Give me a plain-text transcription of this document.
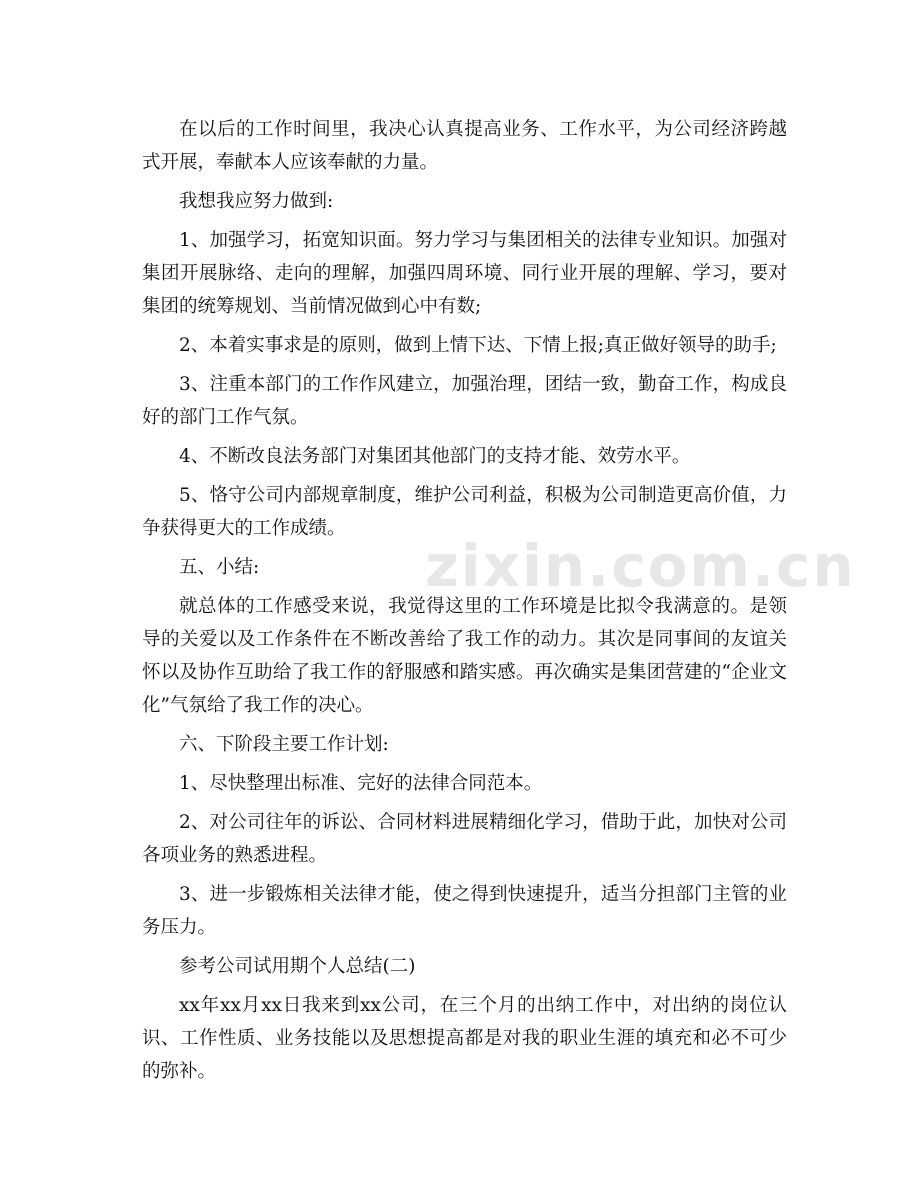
zixin.com.cn

在以后的工作时间里，我决心认真提高业务、工作水平，为公司经济跨越式开展，奉献本人应该奉献的力量。

我想我应努力做到:

1、加强学习，拓宽知识面。努力学习与集团相关的法律专业知识。加强对集团开展脉络、走向的理解，加强四周环境、同行业开展的理解、学习，要对集团的统筹规划、当前情况做到心中有数;

2、本着实事求是的原则，做到上情下达、下情上报;真正做好领导的助手;

3、注重本部门的工作作风建立，加强治理，团结一致，勤奋工作，构成良好的部门工作气氛。

4、不断改良法务部门对集团其他部门的支持才能、效劳水平。

5、恪守公司内部规章制度，维护公司利益，积极为公司制造更高价值，力争获得更大的工作成绩。

五、小结:

就总体的工作感受来说，我觉得这里的工作环境是比拟令我满意的。是领导的关爱以及工作条件在不断改善给了我工作的动力。其次是同事间的友谊关怀以及协作互助给了我工作的舒服感和踏实感。再次确实是集团营建的“企业文化”气氛给了我工作的决心。

六、下阶段主要工作计划:

1、尽快整理出标准、完好的法律合同范本。

2、对公司往年的诉讼、合同材料进展精细化学习，借助于此，加快对公司各项业务的熟悉进程。

3、进一步锻炼相关法律才能，使之得到快速提升，适当分担部门主管的业务压力。

参考公司试用期个人总结(二)

xx年xx月xx日我来到xx公司，在三个月的出纳工作中，对出纳的岗位认识、工作性质、业务技能以及思想提高都是对我的职业生涯的填充和必不可少的弥补。
